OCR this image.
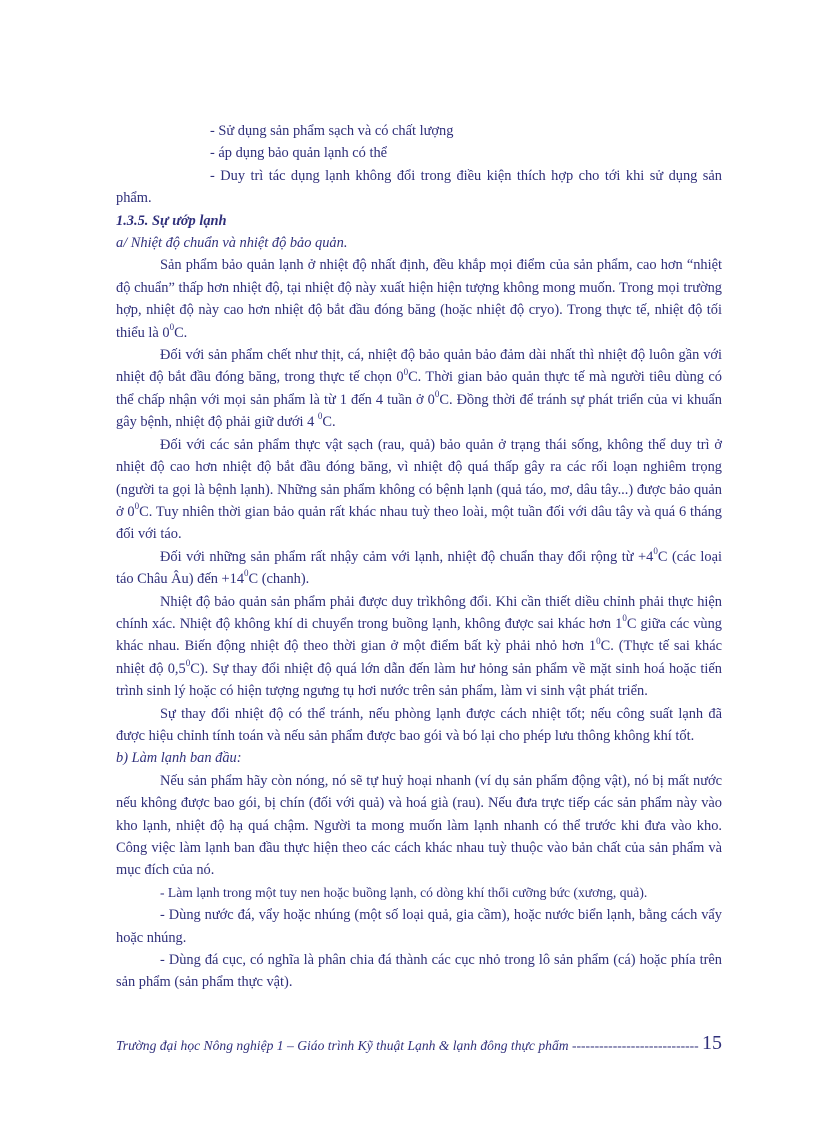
- Sử dụng sản phẩm sạch và có chất lượng

- áp dụng bảo quản lạnh có thể

- Duy trì tác dụng lạnh không đổi trong điều kiện thích hợp cho tới khi sử dụng sản phẩm.

1.3.5. Sự ướp lạnh

a/ Nhiệt độ chuẩn và nhiệt độ bảo quản.

Sản phẩm bảo quản lạnh ở nhiệt độ nhất định, đều khắp mọi điểm của sản phẩm, cao hơn “nhiệt độ chuẩn” thấp hơn nhiệt độ, tại nhiệt độ này xuất hiện hiện tượng không mong muốn. Trong mọi trường hợp, nhiệt độ này cao hơn nhiệt độ bắt đầu đóng băng (hoặc nhiệt độ cryo). Trong thực tế, nhiệt độ tối thiểu là $0^0C$.

Đối với sản phẩm chết như thịt, cá, nhiệt độ bảo quản bảo đảm dài nhất thì nhiệt độ luôn gần với nhiệt độ bắt đầu đóng băng, trong thực tế chọn $0^0C$. Thời gian bảo quản thực tế mà người tiêu dùng có thể chấp nhận với mọi sản phẩm là từ 1 đến 4 tuần ở $0^0C$. Đồng thời để tránh sự phát triển của vi khuẩn gây bệnh, nhiệt độ phải giữ dưới 4 $^0$C.

Đối với các sản phẩm thực vật sạch (rau, quả) bảo quản ở trạng thái sống, không thể duy trì ở nhiệt độ cao hơn nhiệt độ bắt đầu đóng băng, vì nhiệt độ quá thấp gây ra các rối loạn nghiêm trọng (người ta gọi là bệnh lạnh). Những sản phẩm không có bệnh lạnh (quả táo, mơ, dâu tây...) được bảo quản ở $0^0C$. Tuy nhiên thời gian bảo quản rất khác nhau tuỳ theo loài, một tuần đối với dâu tây và quá 6 tháng đối với táo.

Đối với những sản phẩm rất nhậy cảm với lạnh, nhiệt độ chuẩn thay đổi rộng từ $+4^0C$ (các loại táo Châu Âu) đến $+14^0C$ (chanh).

Nhiệt độ bảo quản sản phẩm phải được duy trìkhông đổi. Khi cần thiết diều chỉnh phải thực hiện chính xác. Nhiệt độ không khí di chuyển trong buồng lạnh, không được sai khác hơn $1^0C$ giữa các vùng khác nhau. Biến động nhiệt độ theo thời gian ở một điểm bất kỳ phải nhỏ hơn $1^0C$. (Thực tế sai khác nhiệt độ $0,5^0C$). Sự thay đổi nhiệt độ quá lớn dẫn đến làm hư hỏng sản phẩm về mặt sinh hoá hoặc tiến trình sinh lý hoặc có hiện tượng ngưng tụ hơi nước trên sản phẩm, làm vi sinh vật phát triển.

Sự thay đổi nhiệt độ có thể tránh, nếu phòng lạnh được cách nhiệt tốt; nếu công suất lạnh đã được hiệu chỉnh tính toán và nếu sản phẩm được bao gói và bó lại cho phép lưu thông không khí tốt.

b) Làm lạnh ban đầu:

Nếu sản phẩm hãy còn nóng, nó sẽ tự huỷ hoại nhanh (ví dụ sản phẩm động vật), nó bị mất nước nếu không được bao gói, bị chín (đối với quả) và hoá già (rau). Nếu đưa trực tiếp các sản phẩm này vào kho lạnh, nhiệt độ hạ quá chậm. Người ta mong muốn làm lạnh nhanh có thể trước khi đưa vào kho. Công việc làm lạnh ban đầu thực hiện theo các cách khác nhau tuỳ thuộc vào bản chất của sản phẩm và mục đích của nó.

- Làm lạnh trong một tuy nen hoặc buồng lạnh, có dòng khí thổi cưỡng bức (xương, quả).

- Dùng nước đá, vẩy hoặc nhúng (một số loại quả, gia cầm), hoặc nước biển lạnh, bằng cách vẩy hoặc nhúng.

- Dùng đá cục, có nghĩa là phân chia đá thành các cục nhỏ trong lô sản phẩm (cá) hoặc phía trên sản phẩm (sản phẩm thực vật).

Trường đại học Nông nghiệp 1 – Giáo trình Kỹ thuật Lạnh & lạnh đông thực phẩm ---------------------------- 15
